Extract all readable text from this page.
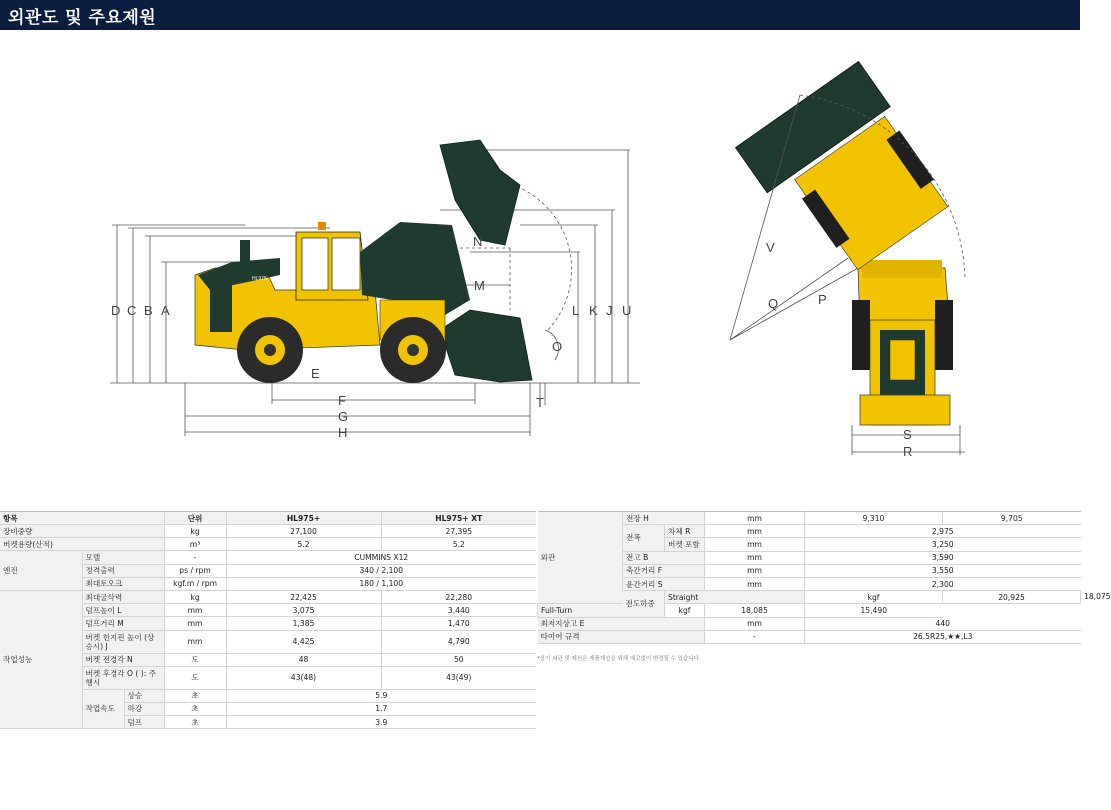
외관도 및 주요제원
HL975
D C B A
N
M
L K J U
O
E
F
G
H
T
V
Q	P
S
R
항목			단위	HL975+	HL975+ XT
장비중량			kg	27,100	27,395
버켓용량(산적)			m³	5.2	5.2
엔진	모델		-	CUMMINS X12	
	정격출력		ps / rpm	340 / 2,100	
	최대토오크		kgf.m / rpm	180 / 1,100	
작업성능	최대굴삭력		kg	22,425	22,280
	덤프높이 L		mm	3,075	3,440
	덤프거리 M		mm	1,385	1,470
	버켓 힌지핀 높이 (상승시) J		mm	4,425	4,790
	버켓 전경각 N		도	48	50
	버켓 후경각 O ( ): 주행시		도	43(48)	43(49)
	작업속도	상승	초	5.9	
		하강	초	1.7	
		덤프	초	3.9	
외관	전장 H		mm	9,310	9,705	
	전폭	차체 R	mm	2,975		
		버켓 포함	mm	3,250		
	전고 B		mm	3,590		
	축간거리 F		mm	3,550		
	윤간거리 S		mm	2,300		
	전도하중	Straight		kgf	20,925	18,075
Full-Turn		kgf	18,085	15,490		
최저지상고 E			mm	440		
타이어 규격			-	26.5R25,★★,L3		
*상기 외관 및 제원은 제품개선을 위해 예고없이 변경될 수 있습니다.
